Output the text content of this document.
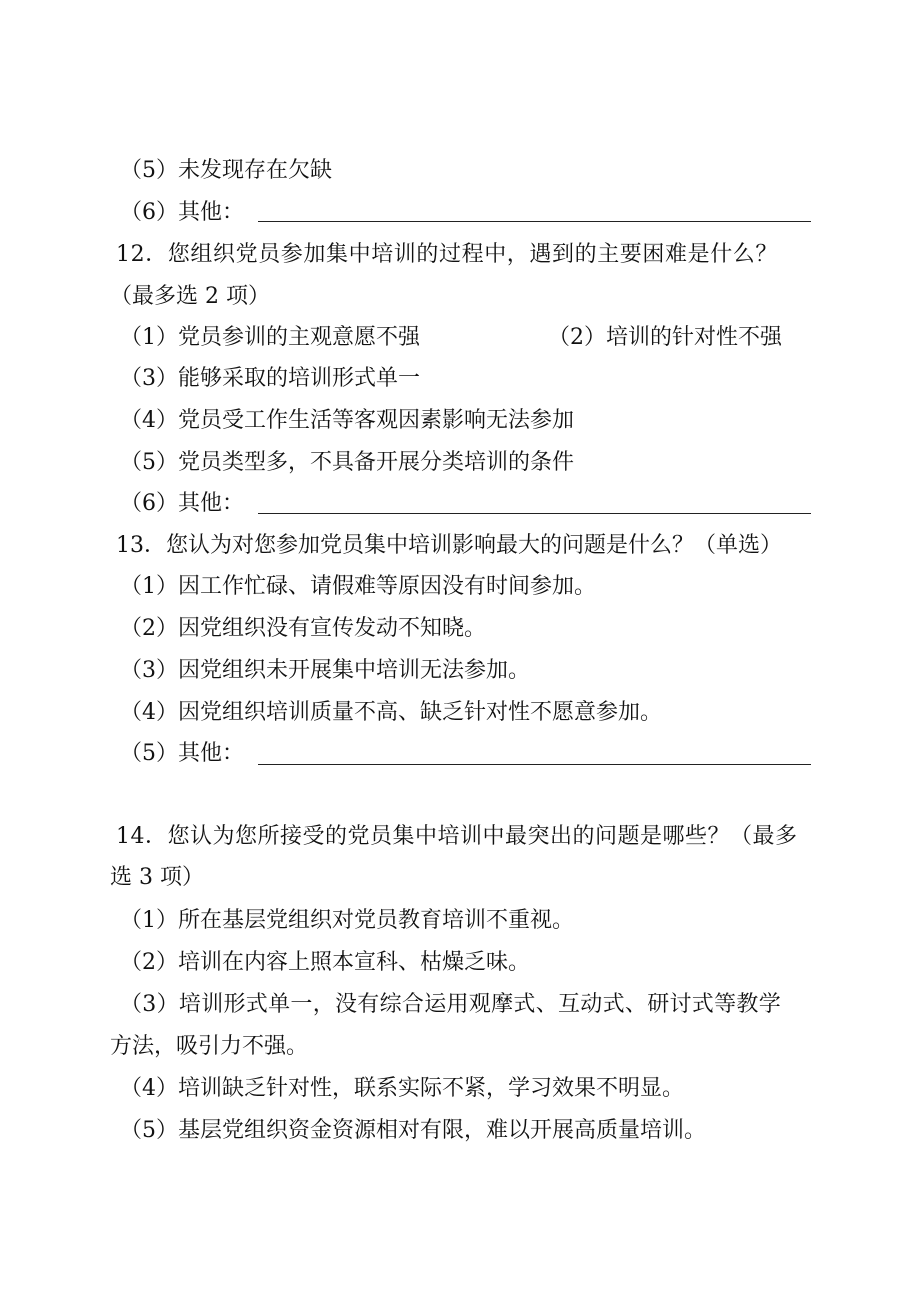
（5）未发现存在欠缺
（6）其他：
12．您组织党员参加集中培训的过程中，遇到的主要困难是什么？
（最多选 2 项）
（1）党员参训的主观意愿不强	（2）培训的针对性不强
（3）能够采取的培训形式单一
（4）党员受工作生活等客观因素影响无法参加
（5）党员类型多，不具备开展分类培训的条件
（6）其他：
13．您认为对您参加党员集中培训影响最大的问题是什么？（单选）
（1）因工作忙碌、请假难等原因没有时间参加。
（2）因党组织没有宣传发动不知晓。
（3）因党组织未开展集中培训无法参加。
（4）因党组织培训质量不高、缺乏针对性不愿意参加。
（5）其他：
14．您认为您所接受的党员集中培训中最突出的问题是哪些？（最多
选 3 项）
（1）所在基层党组织对党员教育培训不重视。
（2）培训在内容上照本宣科、枯燥乏味。
（3）培训形式单一，没有综合运用观摩式、互动式、研讨式等教学
方法，吸引力不强。
（4）培训缺乏针对性，联系实际不紧，学习效果不明显。
（5）基层党组织资金资源相对有限，难以开展高质量培训。
